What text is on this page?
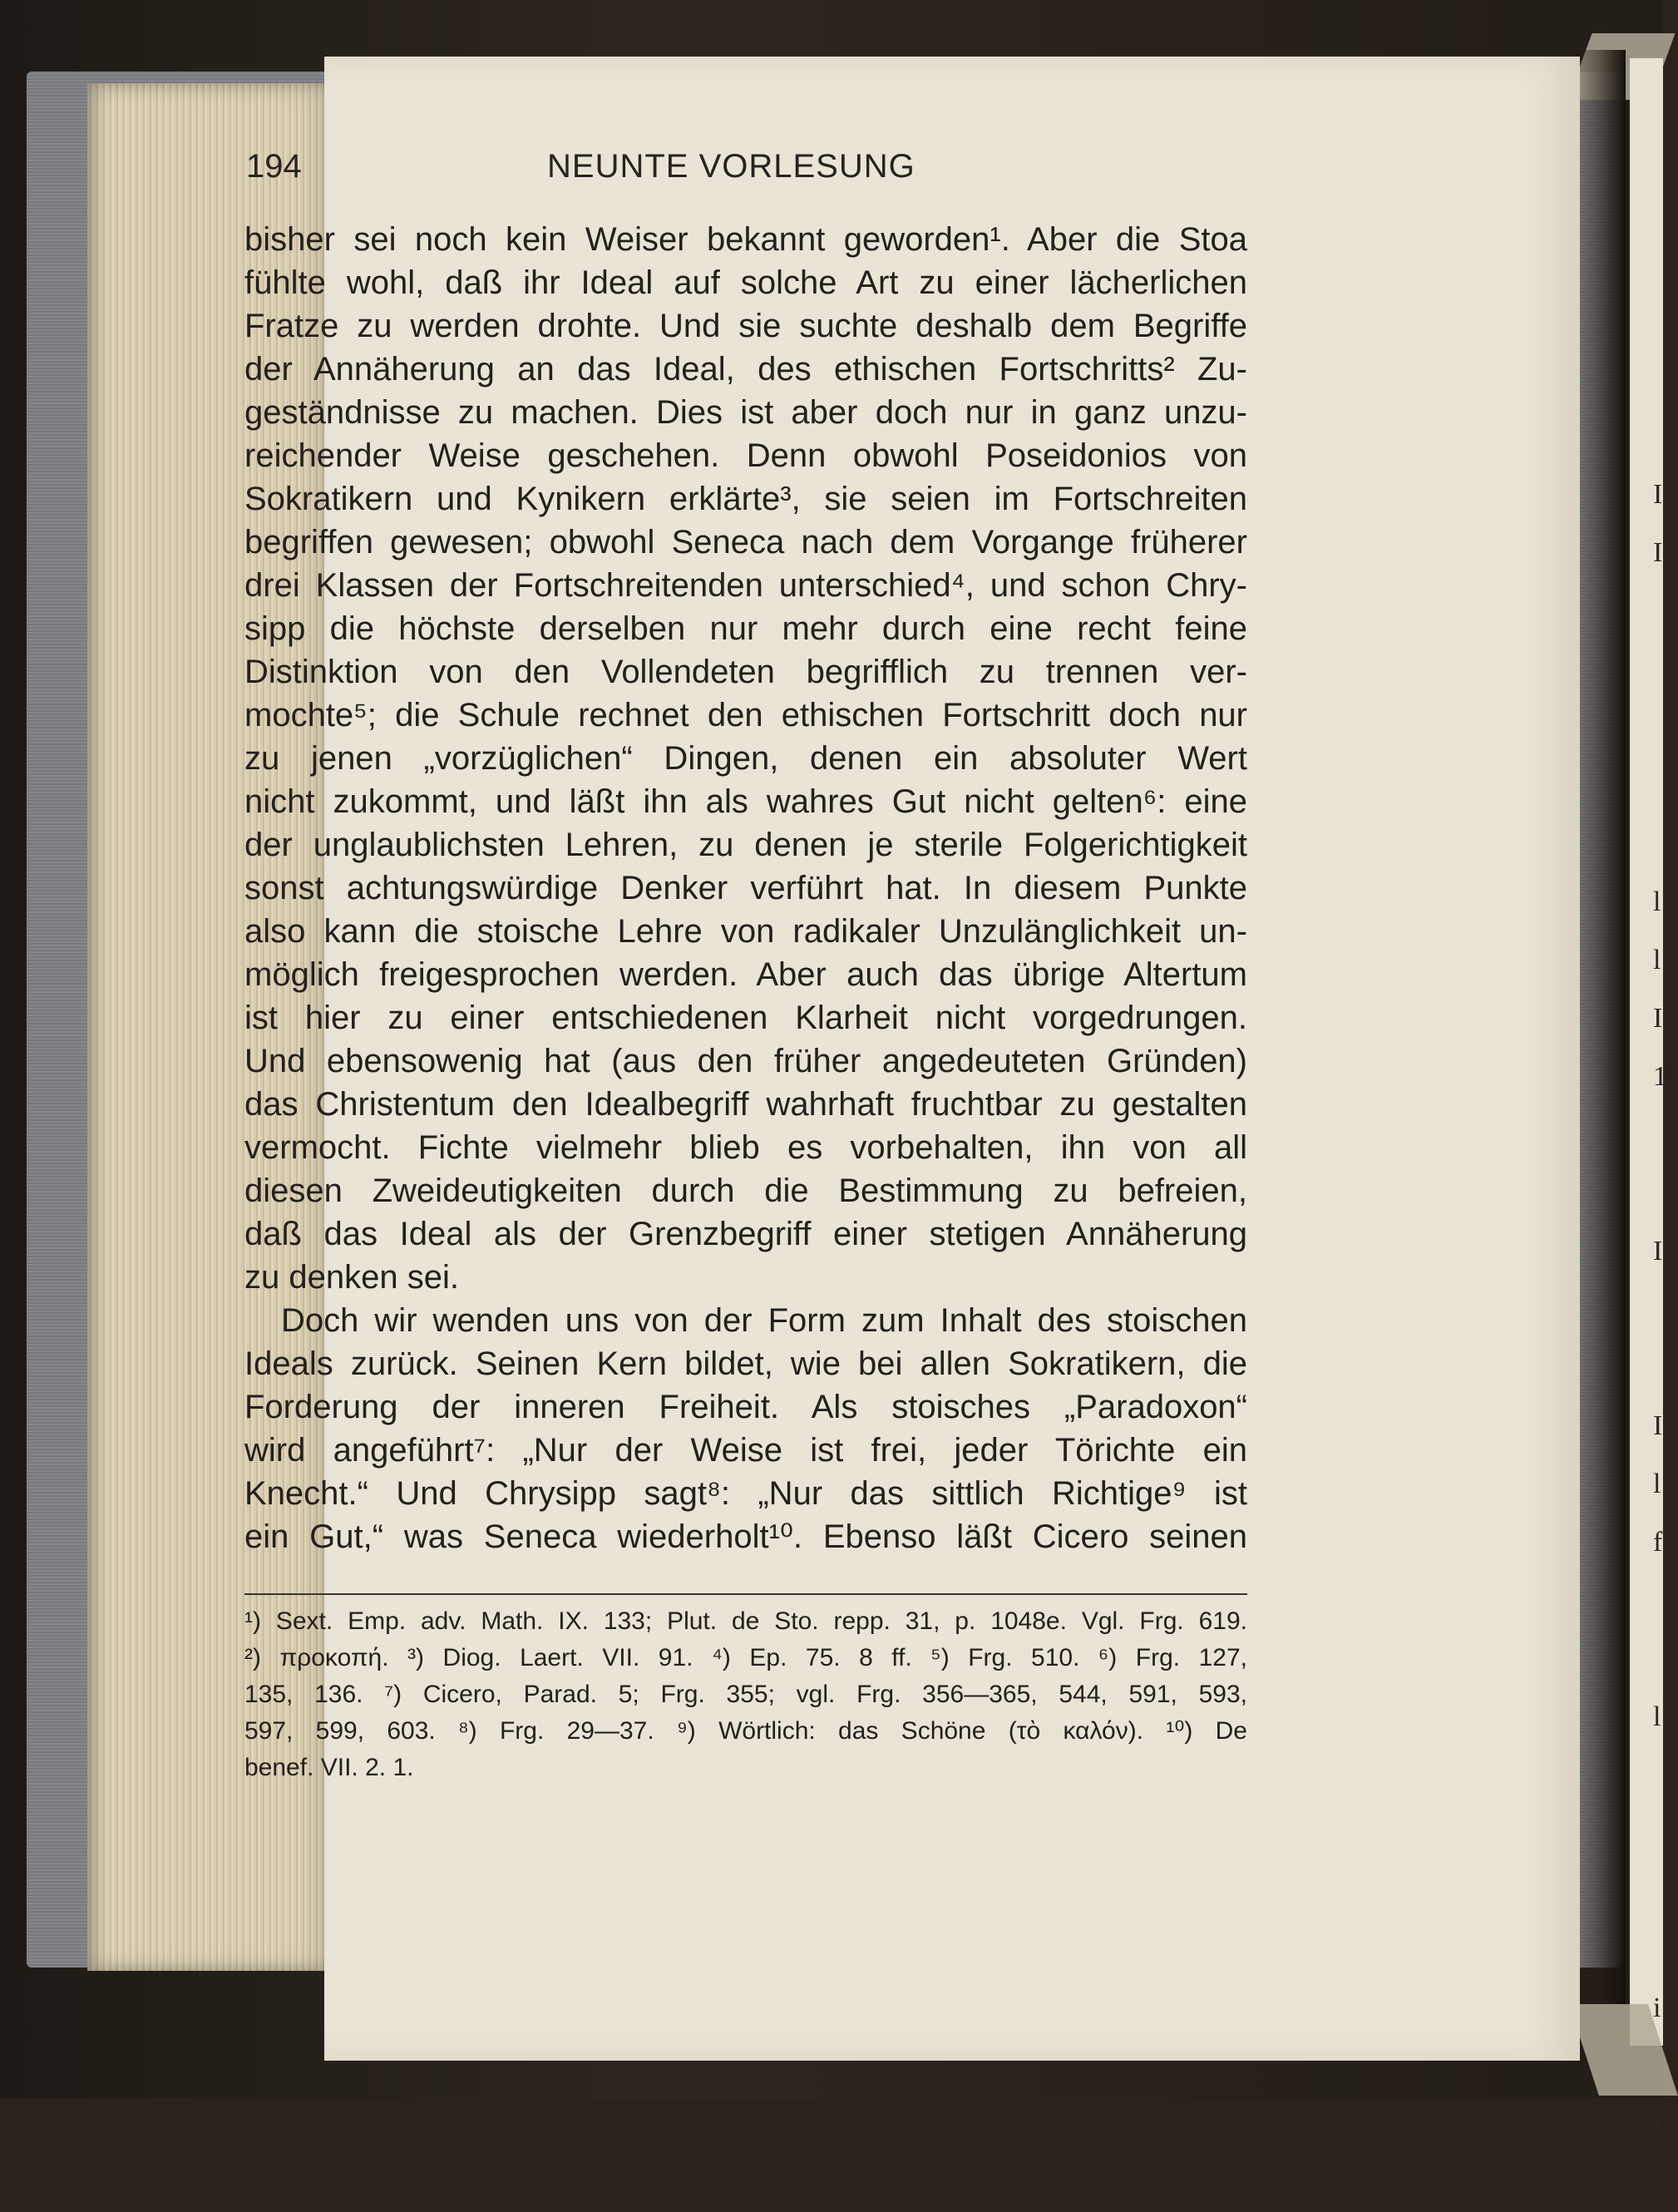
I
I

l
l
I
1

I

I
l
f

l

i

i
4
194	NEUNTE VORLESUNG
bisher sei noch kein Weiser bekannt geworden¹. Aber die Stoa
fühlte wohl, daß ihr Ideal auf solche Art zu einer lächerlichen
Fratze zu werden drohte. Und sie suchte deshalb dem Begriffe
der Annäherung an das Ideal, des ethischen Fortschritts² Zu-
geständnisse zu machen. Dies ist aber doch nur in ganz unzu-
reichender Weise geschehen. Denn obwohl Poseidonios von
Sokratikern und Kynikern erklärte³, sie seien im Fortschreiten
begriffen gewesen; obwohl Seneca nach dem Vorgange früherer
drei Klassen der Fortschreitenden unterschied⁴, und schon Chry-
sipp die höchste derselben nur mehr durch eine recht feine
Distinktion von den Vollendeten begrifflich zu trennen ver-
mochte⁵; die Schule rechnet den ethischen Fortschritt doch nur
zu jenen „vorzüglichen“ Dingen, denen ein absoluter Wert
nicht zukommt, und läßt ihn als wahres Gut nicht gelten⁶: eine
der unglaublichsten Lehren, zu denen je sterile Folgerichtigkeit
sonst achtungswürdige Denker verführt hat. In diesem Punkte
also kann die stoische Lehre von radikaler Unzulänglichkeit un-
möglich freigesprochen werden. Aber auch das übrige Altertum
ist hier zu einer entschiedenen Klarheit nicht vorgedrungen.
Und ebensowenig hat (aus den früher angedeuteten Gründen)
das Christentum den Idealbegriff wahrhaft fruchtbar zu gestalten
vermocht. Fichte vielmehr blieb es vorbehalten, ihn von all
diesen Zweideutigkeiten durch die Bestimmung zu befreien,
daß das Ideal als der Grenzbegriff einer stetigen Annäherung
zu denken sei.
Doch wir wenden uns von der Form zum Inhalt des stoischen
Ideals zurück. Seinen Kern bildet, wie bei allen Sokratikern, die
Forderung der inneren Freiheit. Als stoisches „Paradoxon“
wird angeführt⁷: „Nur der Weise ist frei, jeder Törichte ein
Knecht.“ Und Chrysipp sagt⁸: „Nur das sittlich Richtige⁹ ist
ein Gut,“ was Seneca wiederholt¹⁰. Ebenso läßt Cicero seinen
¹) Sext. Emp. adv. Math. IX. 133; Plut. de Sto. repp. 31, p. 1048e. Vgl. Frg. 619.
²) προκοπή. ³) Diog. Laert. VII. 91. ⁴) Ep. 75. 8 ff. ⁵) Frg. 510. ⁶) Frg. 127,
135, 136. ⁷) Cicero, Parad. 5; Frg. 355; vgl. Frg. 356—365, 544, 591, 593,
597, 599, 603. ⁸) Frg. 29—37. ⁹) Wörtlich: das Schöne (τὸ καλόν). ¹⁰) De
benef. VII. 2. 1.
